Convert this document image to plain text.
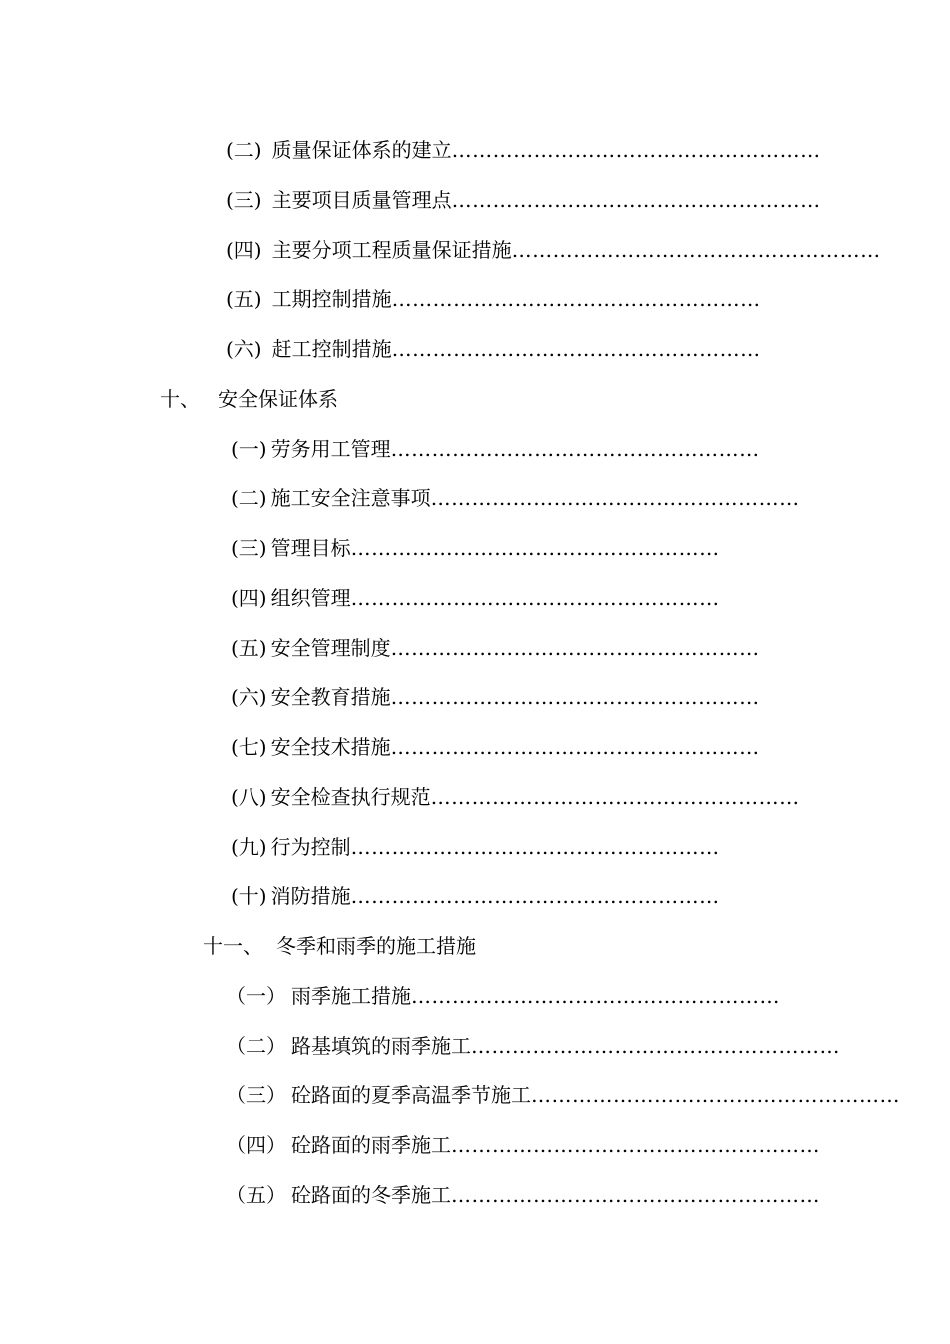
(二) 质量保证体系的建立………………………………………………
(三) 主要项目质量管理点………………………………………………
(四) 主要分项工程质量保证措施………………………………………………
(五) 工期控制措施………………………………………………
(六) 赶工控制措施………………………………………………
十、 安全保证体系
(一) 劳务用工管理………………………………………………
(二) 施工安全注意事项………………………………………………
(三) 管理目标………………………………………………
(四) 组织管理………………………………………………
(五) 安全管理制度………………………………………………
(六) 安全教育措施………………………………………………
(七) 安全技术措施………………………………………………
(八) 安全检查执行规范………………………………………………
(九) 行为控制………………………………………………
(十) 消防措施………………………………………………
十一、 冬季和雨季的施工措施
（一） 雨季施工措施………………………………………………
（二） 路基填筑的雨季施工………………………………………………
（三） 砼路面的夏季高温季节施工………………………………………………
（四） 砼路面的雨季施工………………………………………………
（五） 砼路面的冬季施工………………………………………………
